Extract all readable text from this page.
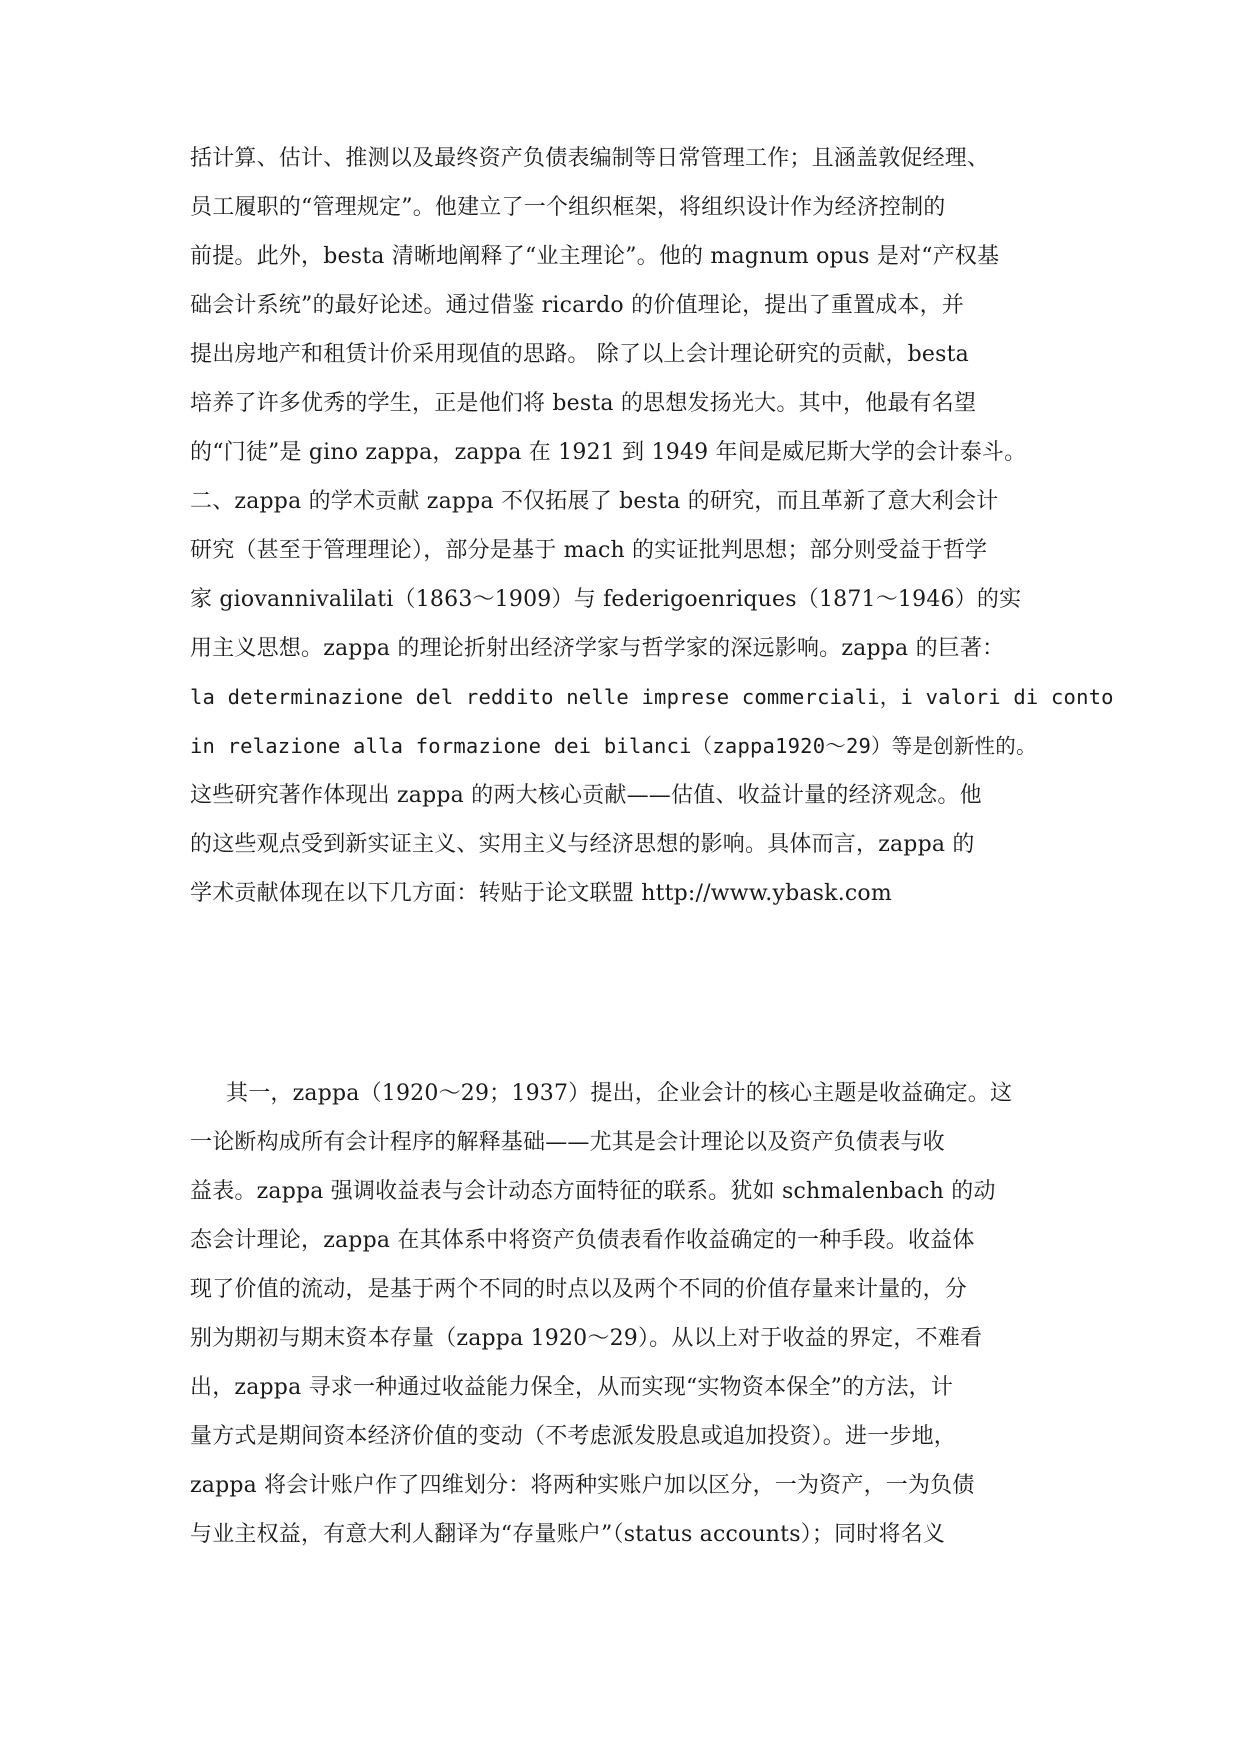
括计算、估计、推测以及最终资产负债表编制等日常管理工作；且涵盖敦促经理、
员工履职的“管理规定”。他建立了一个组织框架，将组织设计作为经济控制的
前提。此外，besta 清晰地阐释了“业主理论”。他的 magnum opus 是对“产权基
础会计系统”的最好论述。通过借鉴 ricardo 的价值理论，提出了重置成本，并
提出房地产和租赁计价采用现值的思路。 除了以上会计理论研究的贡献，besta
培养了许多优秀的学生，正是他们将 besta 的思想发扬光大。其中，他最有名望
的“门徒”是 gino zappa，zappa 在 1921 到 1949 年间是威尼斯大学的会计泰斗。
二、zappa 的学术贡献 zappa 不仅拓展了 besta 的研究，而且革新了意大利会计
研究（甚至于管理理论），部分是基于 mach 的实证批判思想；部分则受益于哲学
家 giovannivalilati（1863～1909）与 federigoenriques（1871～1946）的实
用主义思想。zappa 的理论折射出经济学家与哲学家的深远影响。zappa 的巨著：
la determinazione del reddito nelle imprese commerciali，i valori di conto
in relazione alla formazione dei bilanci（zappa1920～29）等是创新性的。
这些研究著作体现出 zappa 的两大核心贡献——估值、收益计量的经济观念。他
的这些观点受到新实证主义、实用主义与经济思想的影响。具体而言，zappa 的
学术贡献体现在以下几方面：转贴于论文联盟 http://www.ybask.com
其一，zappa（1920～29；1937）提出，企业会计的核心主题是收益确定。这
一论断构成所有会计程序的解释基础——尤其是会计理论以及资产负债表与收
益表。zappa 强调收益表与会计动态方面特征的联系。犹如 schmalenbach 的动
态会计理论，zappa 在其体系中将资产负债表看作收益确定的一种手段。收益体
现了价值的流动，是基于两个不同的时点以及两个不同的价值存量来计量的，分
别为期初与期末资本存量（zappa 1920～29）。从以上对于收益的界定，不难看
出，zappa 寻求一种通过收益能力保全，从而实现“实物资本保全”的方法，计
量方式是期间资本经济价值的变动（不考虑派发股息或追加投资）。进一步地，
zappa 将会计账户作了四维划分：将两种实账户加以区分，一为资产，一为负债
与业主权益，有意大利人翻译为“存量账户”（status accounts）；同时将名义
